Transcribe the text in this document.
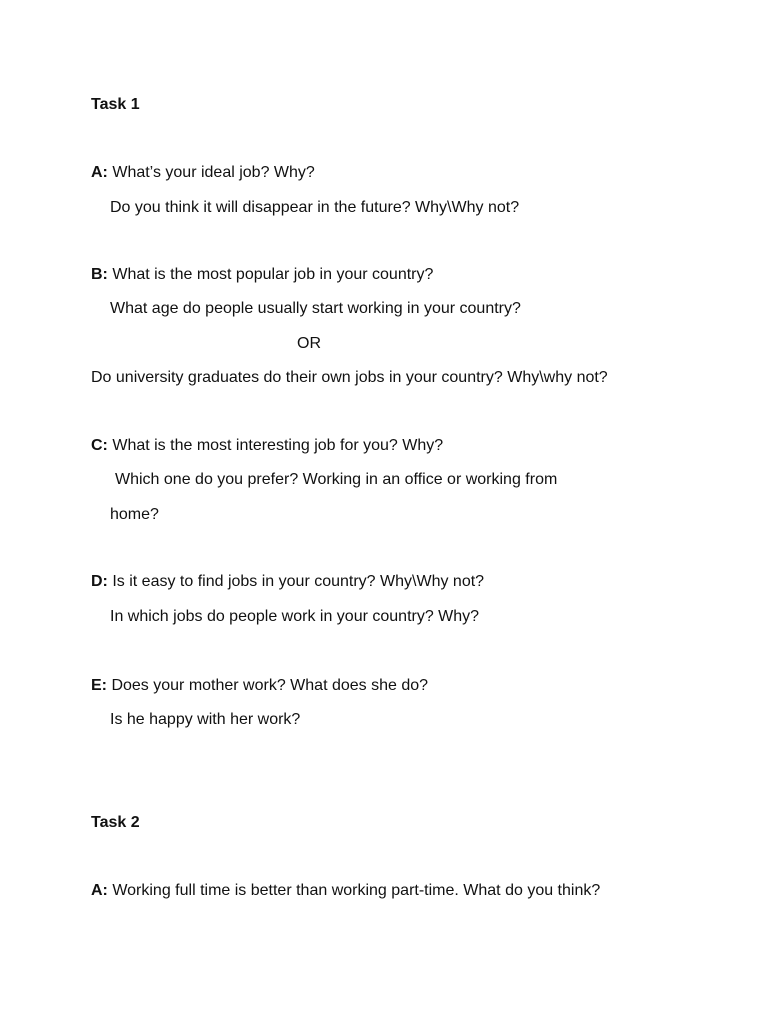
Task 1
A: What’s your ideal job? Why?
Do you think it will disappear in the future? Why\Why not?
B: What is the most popular job in your country?
What age do people usually start working in your country?
OR
Do university graduates do their own jobs in your country? Why\why not?
C: What is the most interesting job for you? Why?
Which one do you prefer? Working in an office or working from
home?
D: Is it easy to find jobs in your country? Why\Why not?
In which jobs do people work in your country? Why?
E: Does your mother work? What does she do?
Is he happy with her work?
Task 2
A: Working full time is better than working part-time. What do you think?
